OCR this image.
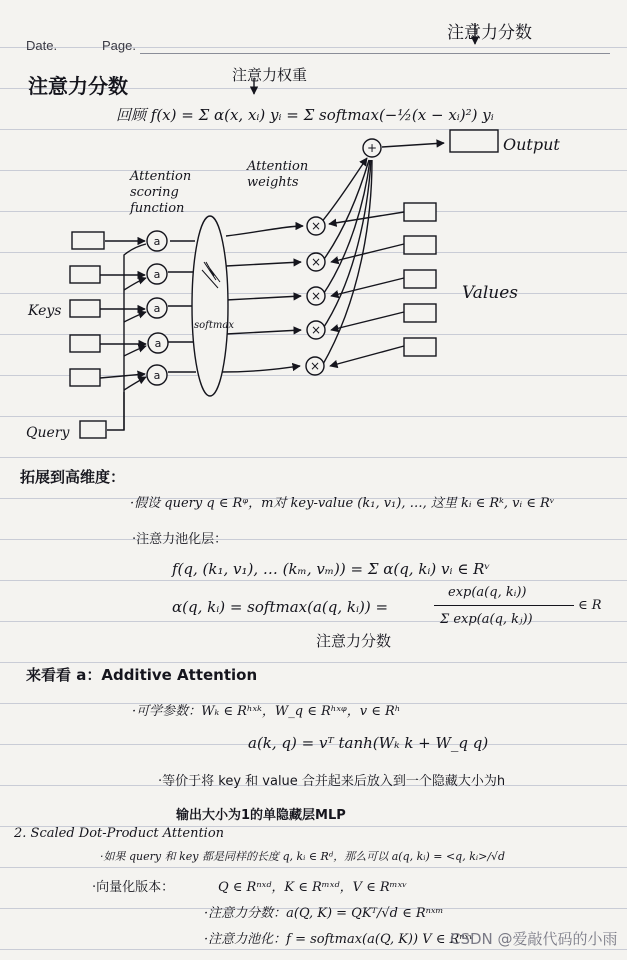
Date.	Page.
注意力分数
注意力分数	注意力权重
回顾 f(x) = Σ α(x, xᵢ) yᵢ = Σ softmax(−½(x − xᵢ)²) yᵢ
Attention
scoring
function
Attention
weights
Output
Values
Keys
Query
softmax
a
a
a
a
a
×
×
×
×
×
+
拓展到高维度：
·假设 query q ∈ Rᵠ，m对 key-value (k₁, v₁), …, 这里 kᵢ ∈ Rᵏ, vᵢ ∈ Rᵛ
·注意力池化层：
f(q, (k₁, v₁), … (kₘ, vₘ)) = Σ α(q, kᵢ) vᵢ ∈ Rᵛ
α(q, kᵢ) = softmax(a(q, kᵢ)) =
exp(a(q, kᵢ))
Σ exp(a(q, kⱼ))
∈ R
注意力分数
来看看 a：Additive Attention
·可学参数：Wₖ ∈ Rʰˣᵏ，W_q ∈ Rʰˣᵠ，v ∈ Rʰ
a(k, q) = vᵀ tanh(Wₖ k + W_q q)
·等价于将 key 和 value 合并起来后放入到一个隐藏大小为h
输出大小为1的单隐藏层MLP
2. Scaled Dot-Product Attention
·如果 query 和 key 都是同样的长度 q, kᵢ ∈ Rᵈ，那么可以 a(q, kᵢ) = <q, kᵢ>/√d
·向量化版本：	Q ∈ Rⁿˣᵈ，K ∈ Rᵐˣᵈ，V ∈ Rᵐˣᵛ
·注意力分数：a(Q, K) = QKᵀ/√d ∈ Rⁿˣᵐ
·注意力池化：f = softmax(a(Q, K)) V ∈ Rⁿˣᵛ
CSDN @爱敲代码的小雨
